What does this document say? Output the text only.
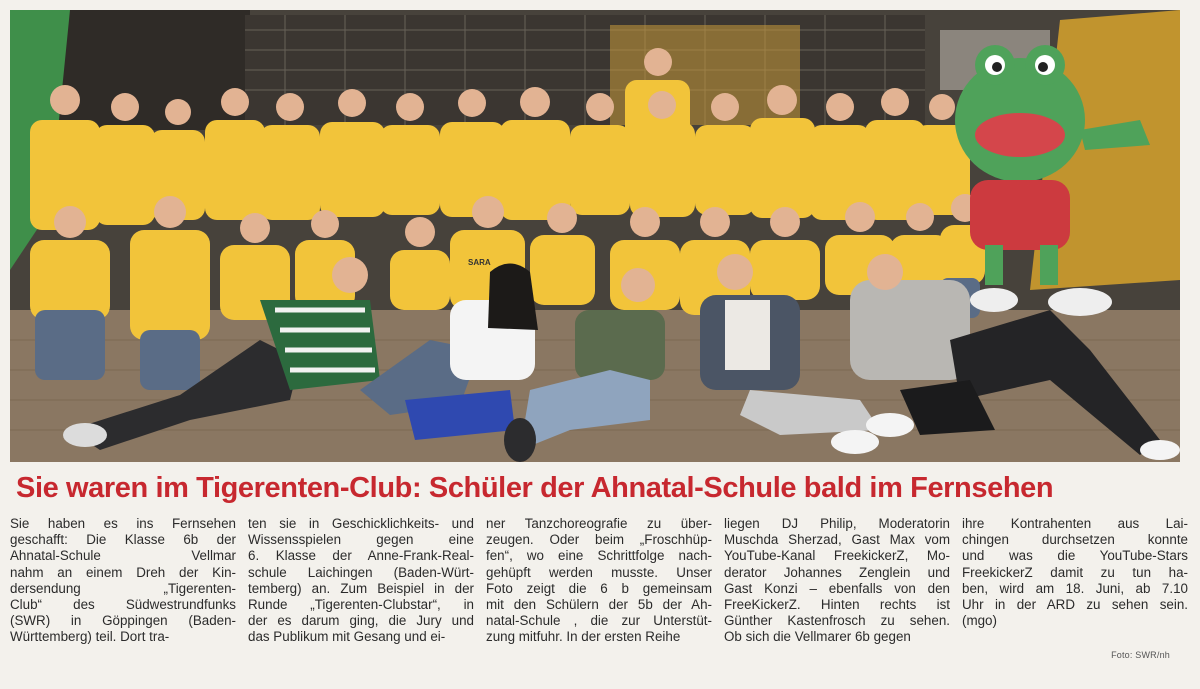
SARA
Sie waren im Tigerenten-Club: Schüler der Ahnatal-Schule bald im Fernsehen
Sie haben es ins Fernsehen
geschafft: Die Klasse 6b der
Ahnatal-Schule Vellmar
nahm an einem Dreh der Kin-
dersendung „Tigerenten-
Club“ des Südwestrundfunks
(SWR) in Göppingen (Baden-
Württemberg) teil. Dort tra-
ten sie in Geschicklichkeits- und
Wissensspielen gegen eine
6. Klasse der Anne-Frank-Real-
schule Laichingen (Baden-Würt-
temberg) an. Zum Beispiel in der
Runde „Tigerenten-Clubstar“, in
der es darum ging, die Jury und
das Publikum mit Gesang und ei-
ner Tanzchoreografie zu über-
zeugen. Oder beim „Froschhüp-
fen“, wo eine Schrittfolge nach-
gehüpft werden musste. Unser
Foto zeigt die 6 b gemeinsam
mit den Schülern der 5b der Ah-
natal-Schule , die zur Unterstüt-
zung mitfuhr. In der ersten Reihe
liegen DJ Philip, Moderatorin
Muschda Sherzad, Gast Max vom
YouTube-Kanal FreekickerZ, Mo-
derator Johannes Zenglein und
Gast Konzi – ebenfalls von den
FreeKickerZ. Hinten rechts ist
Günther Kastenfrosch zu sehen.
Ob sich die Vellmarer 6b gegen
ihre Kontrahenten aus Lai-
chingen durchsetzen konnte
und was die YouTube-Stars
FreekickerZ damit zu tun ha-
ben, wird am 18. Juni, ab 7.10
Uhr in der ARD zu sehen sein.
(mgo)
Foto: SWR/nh
